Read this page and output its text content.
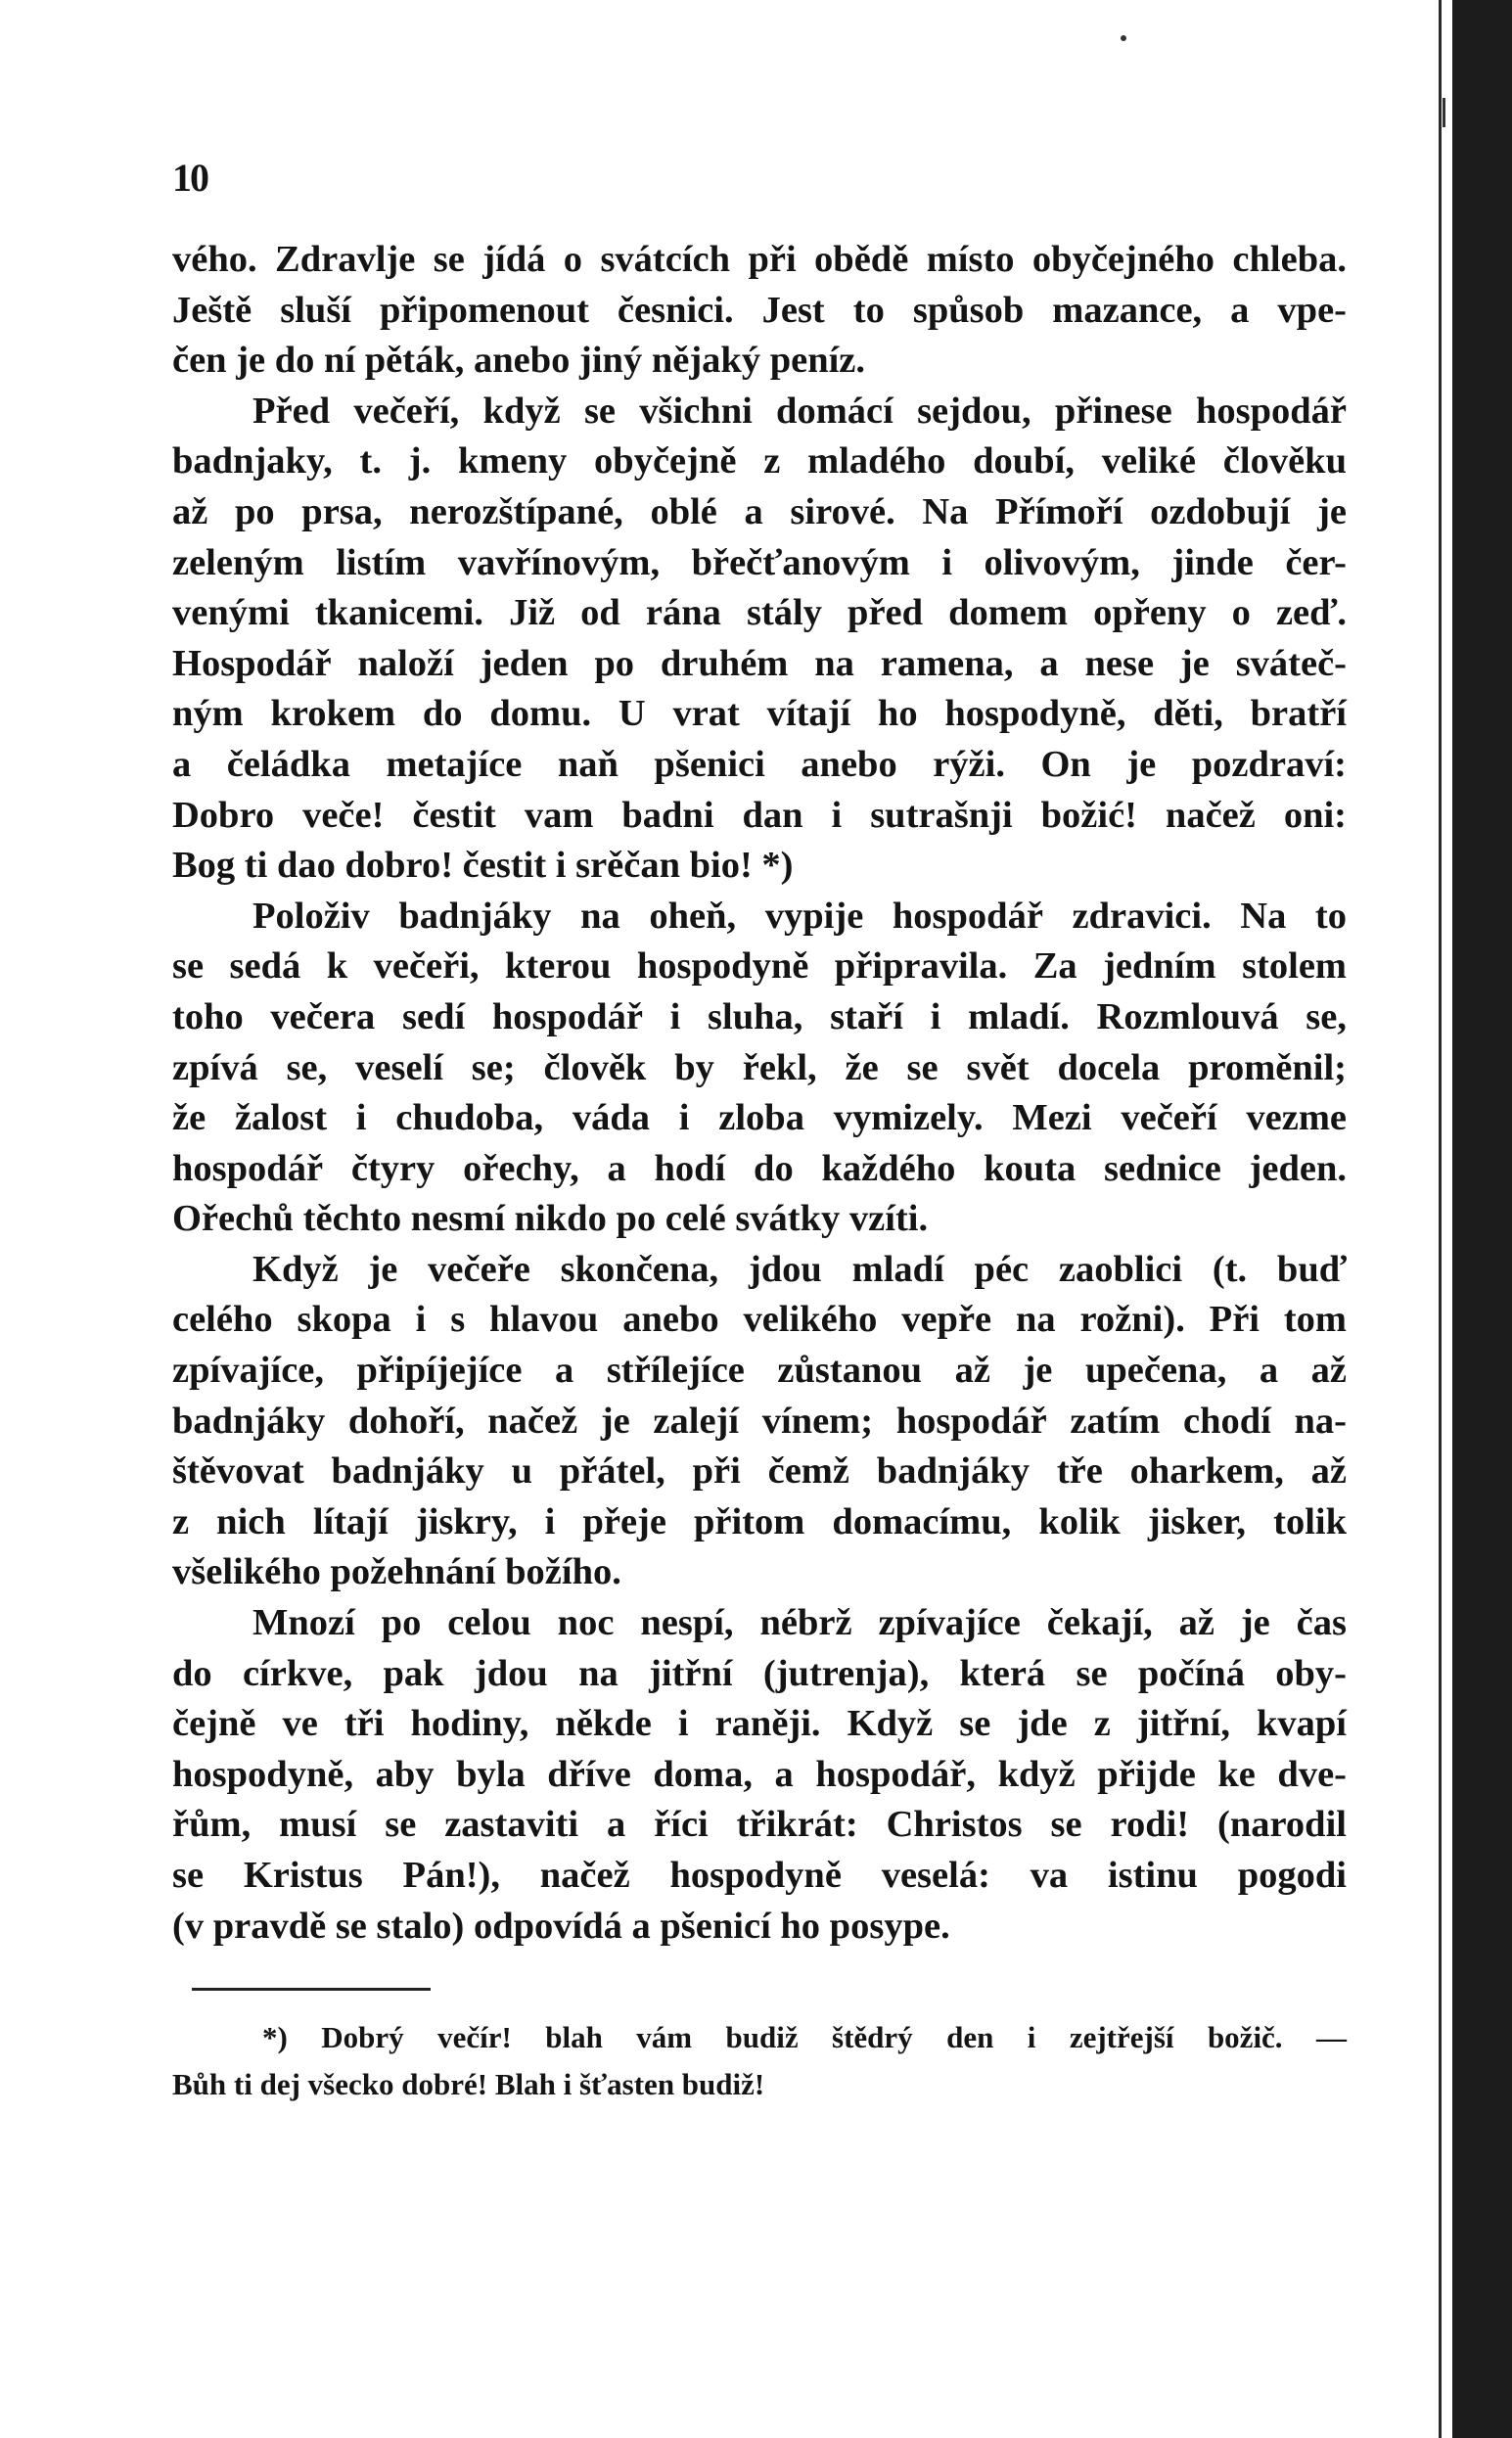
10
vého. Zdravlje se jídá o svátcích při obědě místo obyčejného chleba.
Ještě sluší připomenout česnici. Jest to spůsob mazance, a vpe-
čen je do ní pěták, anebo jiný nějaký peníz.
Před večeří, když se všichni domácí sejdou, přinese hospodář
badnjaky, t. j. kmeny obyčejně z mladého doubí, veliké člověku
až po prsa, nerozštípané, oblé a sirové. Na Přímoří ozdobují je
zeleným listím vavřínovým, břečťanovým i olivovým, jinde čer-
venými tkanicemi. Již od rána stály před domem opřeny o zeď.
Hospodář naloží jeden po druhém na ramena, a nese je sváteč-
ným krokem do domu. U vrat vítají ho hospodyně, děti, bratří
a čeládka metajíce naň pšenici anebo rýži. On je pozdraví:
Dobro veče! čestit vam badni dan i sutrašnji božić! načež oni:
Bog ti dao dobro! čestit i srěčan bio! *)
Položiv badnjáky na oheň, vypije hospodář zdravici. Na to
se sedá k večeři, kterou hospodyně připravila. Za jedním stolem
toho večera sedí hospodář i sluha, staří i mladí. Rozmlouvá se,
zpívá se, veselí se; člověk by řekl, že se svět docela proměnil;
že žalost i chudoba, váda i zloba vymizely. Mezi večeří vezme
hospodář čtyry ořechy, a hodí do každého kouta sednice jeden.
Ořechů těchto nesmí nikdo po celé svátky vzíti.
Když je večeře skončena, jdou mladí péc zaoblici (t. buď
celého skopa i s hlavou anebo velikého vepře na rožni). Při tom
zpívajíce, připíjejíce a střílejíce zůstanou až je upečena, a až
badnjáky dohoří, načež je zalejí vínem; hospodář zatím chodí na-
štěvovat badnjáky u přátel, při čemž badnjáky tře oharkem, až
z nich lítají jiskry, i přeje přitom domacímu, kolik jisker, tolik
všelikého požehnání božího.
Mnozí po celou noc nespí, nébrž zpívajíce čekají, až je čas
do církve, pak jdou na jitřní (jutrenja), která se počíná oby-
čejně ve tři hodiny, někde i raněji. Když se jde z jitřní, kvapí
hospodyně, aby byla dříve doma, a hospodář, když přijde ke dve-
řům, musí se zastaviti a říci třikrát: Christos se rodi! (narodil
se Kristus Pán!), načež hospodyně veselá: va istinu pogodi
(v pravdě se stalo) odpovídá a pšenicí ho posype.
*) Dobrý večír! blah vám budiž štědrý den i zejtřejší božič. —
Bůh ti dej všecko dobré! Blah i šťasten budiž!
